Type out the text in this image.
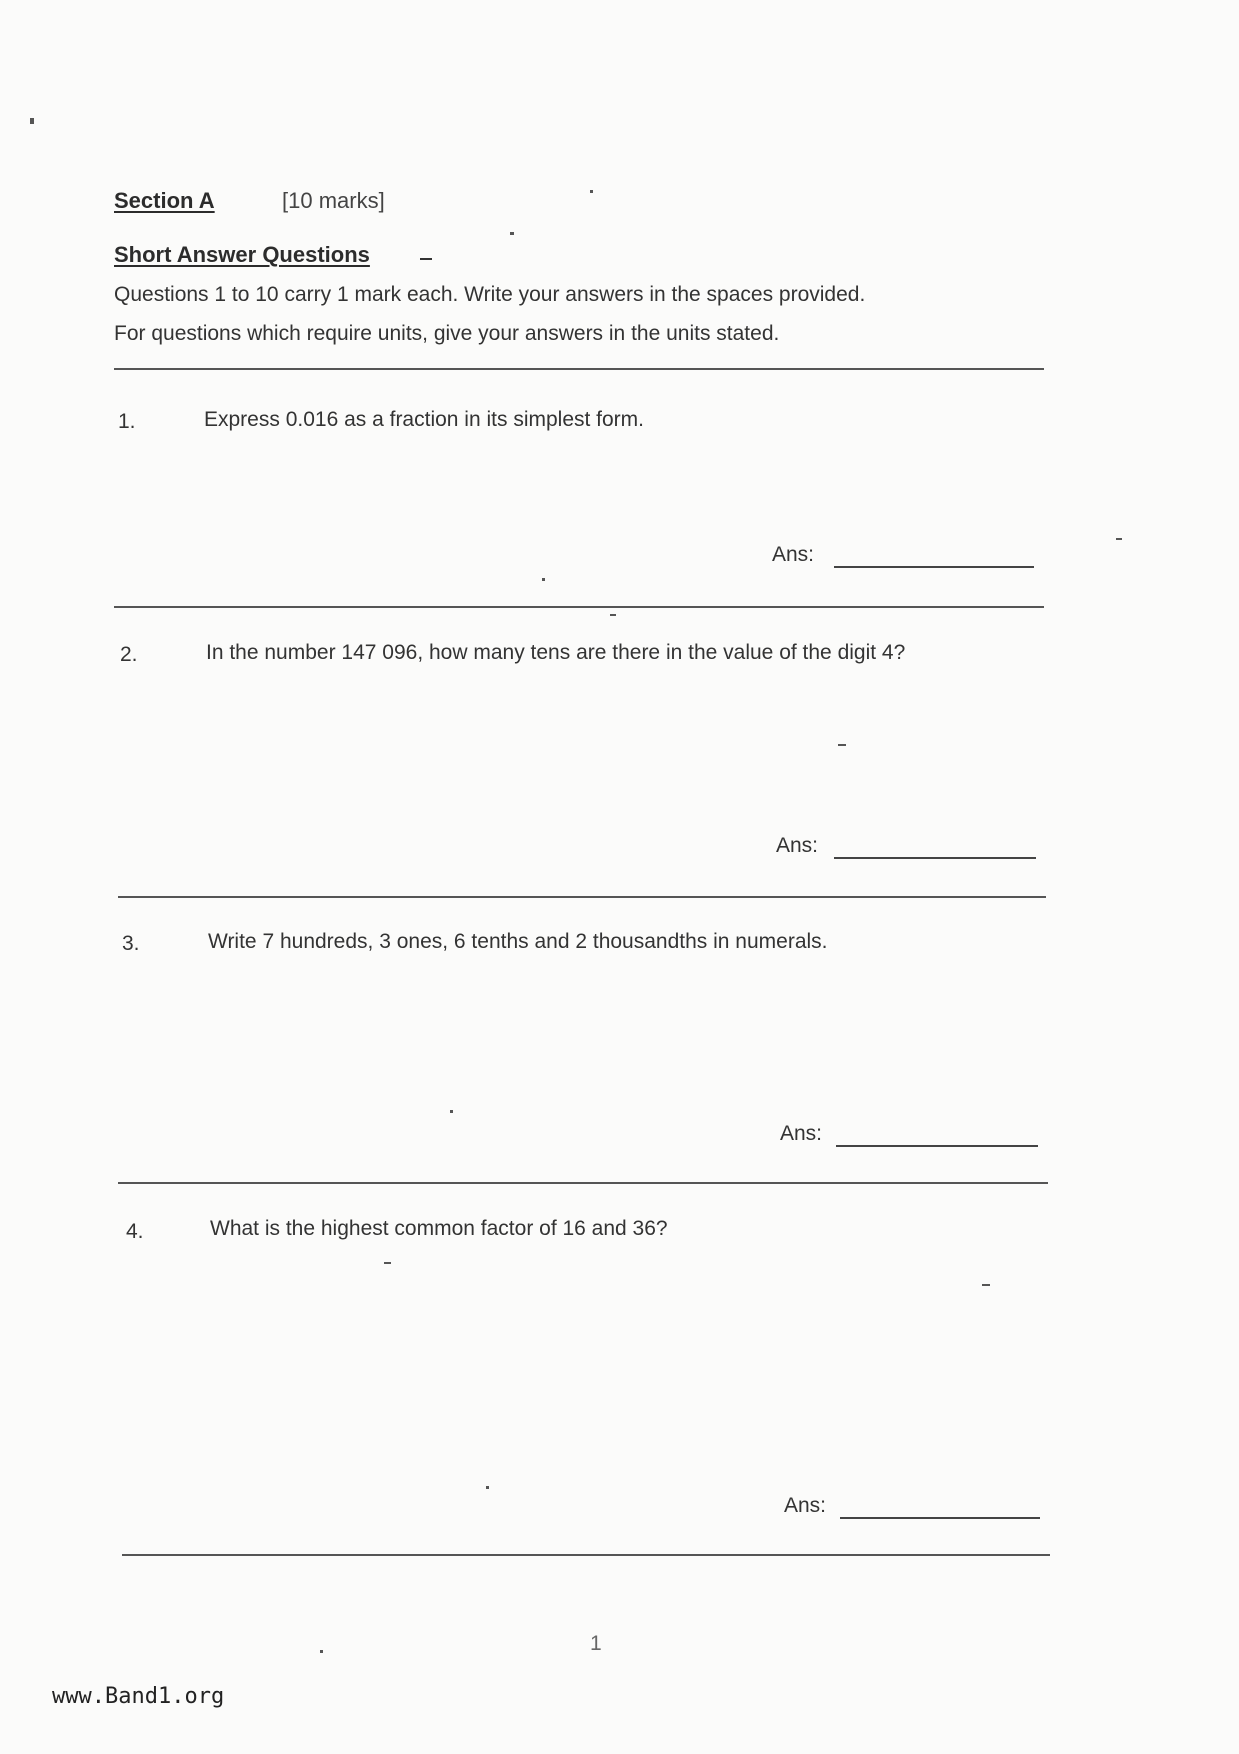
Section A	[10 marks]
Short Answer Questions
Questions 1 to 10 carry 1 mark each. Write your answers in the spaces provided.
For questions which require units, give your answers in the units stated.
1.	Express 0.016 as a fraction in its simplest form.
Ans:
2.	In the number 147 096, how many tens are there in the value of the digit 4?
Ans:
3.	Write 7 hundreds, 3 ones, 6 tenths and 2 thousandths in numerals.
Ans:
4.	What is the highest common factor of 16 and 36?
Ans:
1
www.Band1.org
